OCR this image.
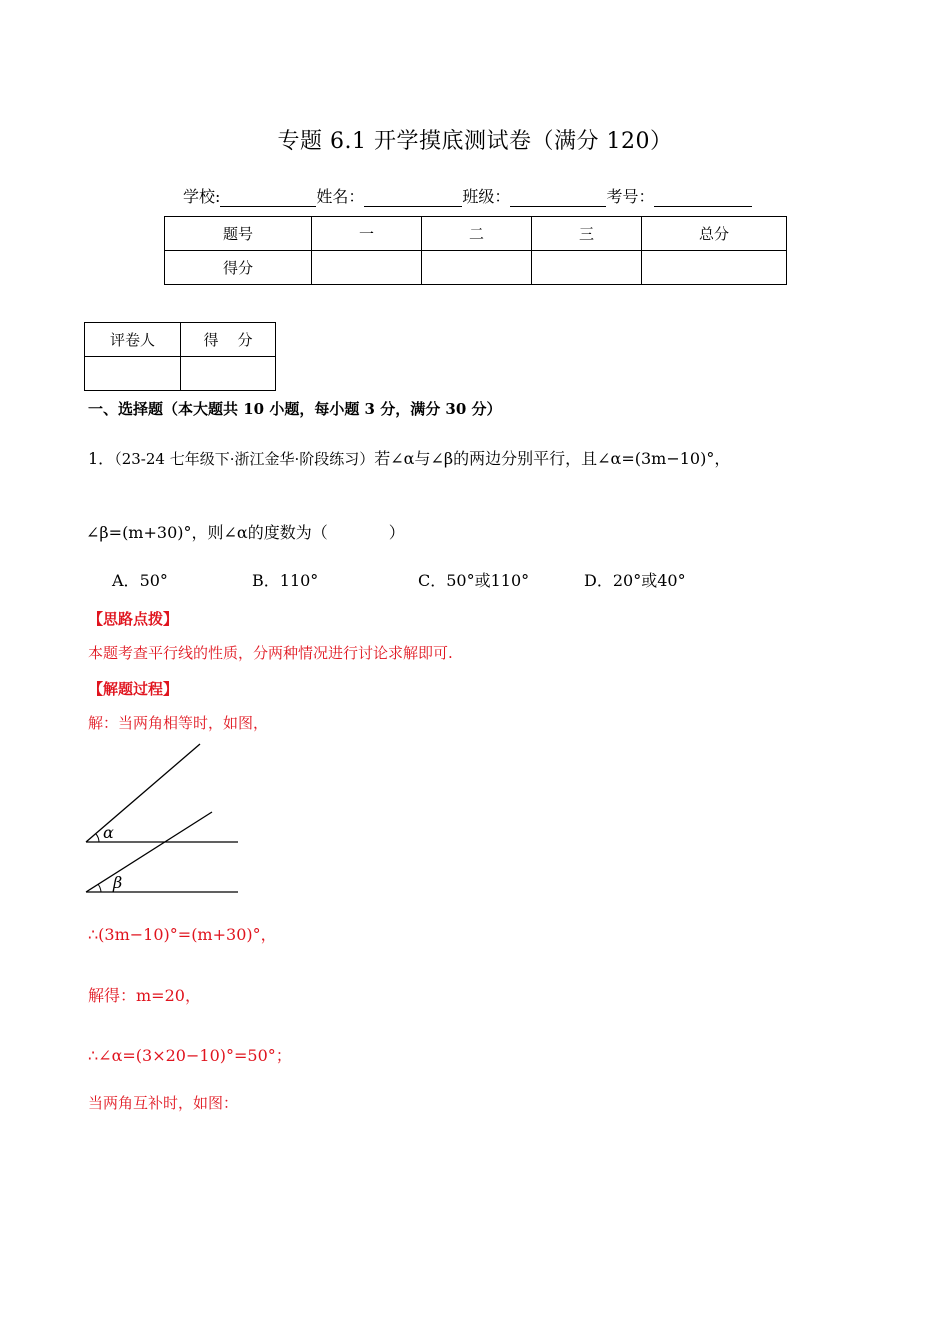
专题 6.1 开学摸底测试卷（满分 120）
学校:	姓名：	班级：	考号：
题号	一	二	三	总分
得分				
评卷人	得    分

一、选择题（本大题共 10 小题，每小题 3 分，满分 30 分）
1．（23-24 七年级下·浙江金华·阶段练习）若∠α与∠β的两边分别平行，且∠α=(3m−10)°，
∠β=(m+30)°，则∠α的度数为（            ）
A．50°	B．110°	C．50°或110°	D．20°或40°
【思路点拨】
本题考查平行线的性质，分两种情况进行讨论求解即可.
【解题过程】
解：当两角相等时，如图，
α
β
∴(3m−10)°=(m+30)°，
解得：m=20，
∴∠α=(3×20−10)°=50°；
当两角互补时，如图：
